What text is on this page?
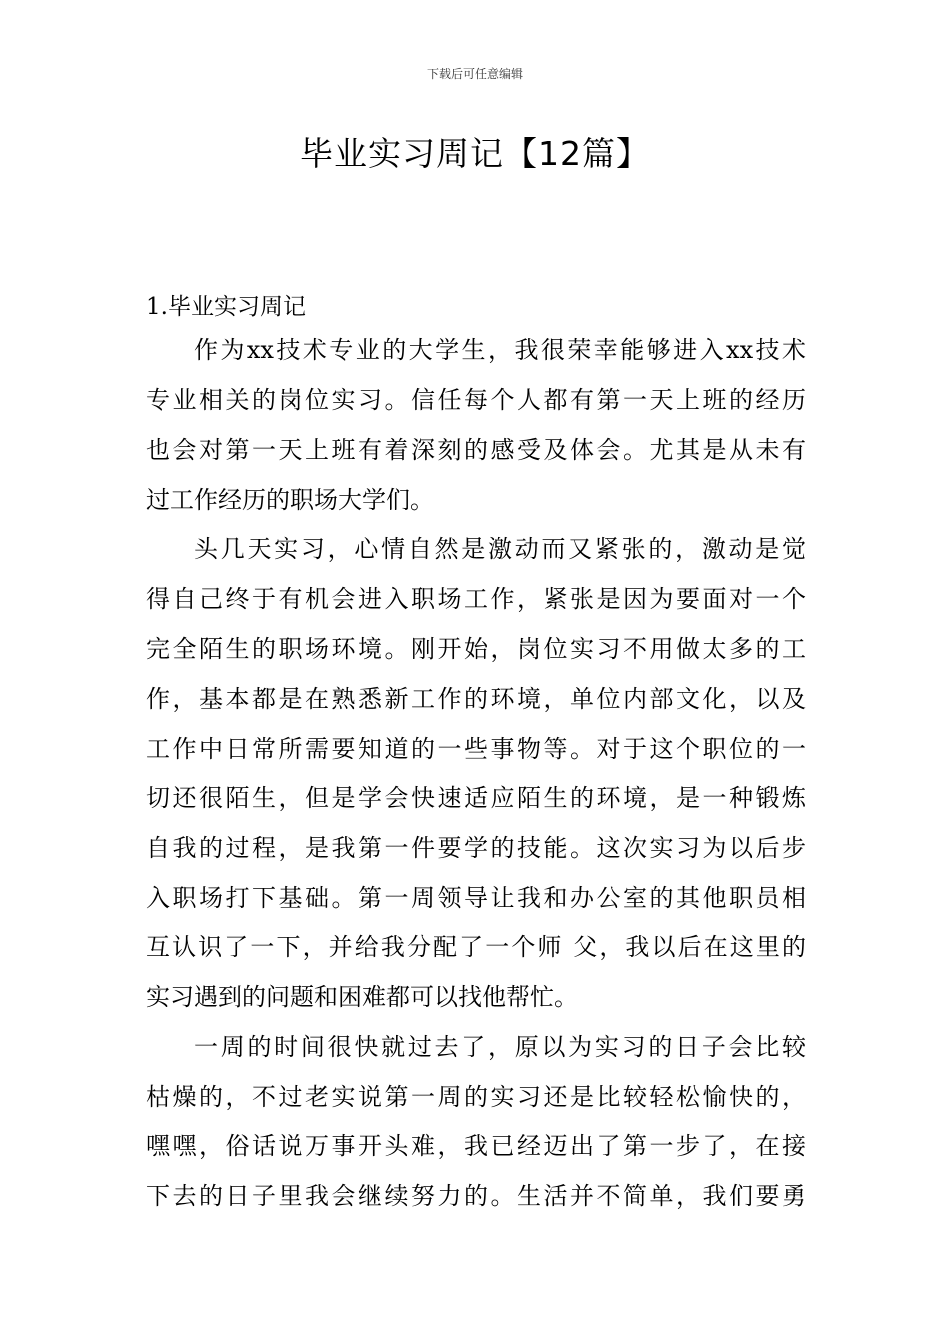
下载后可任意编辑
毕业实习周记【12篇】
1.毕业实习周记
作为xx技术专业的大学生，我很荣幸能够进入xx技术
专业相关的岗位实习。信任每个人都有第一天上班的经历
也会对第一天上班有着深刻的感受及体会。尤其是从未有
过工作经历的职场大学们。
头几天实习，心情自然是激动而又紧张的，激动是觉
得自己终于有机会进入职场工作，紧张是因为要面对一个
完全陌生的职场环境。刚开始，岗位实习不用做太多的工
作，基本都是在熟悉新工作的环境，单位内部文化，以及
工作中日常所需要知道的一些事物等。对于这个职位的一
切还很陌生，但是学会快速适应陌生的环境，是一种锻炼
自我的过程，是我第一件要学的技能。这次实习为以后步
入职场打下基础。第一周领导让我和办公室的其他职员相
互认识了一下，并给我分配了一个师 父，我以后在这里的
实习遇到的问题和困难都可以找他帮忙。
一周的时间很快就过去了，原以为实习的日子会比较
枯燥的，不过老实说第一周的实习还是比较轻松愉快的，
嘿嘿，俗话说万事开头难，我已经迈出了第一步了，在接
下去的日子里我会继续努力的。生活并不简单，我们要勇
